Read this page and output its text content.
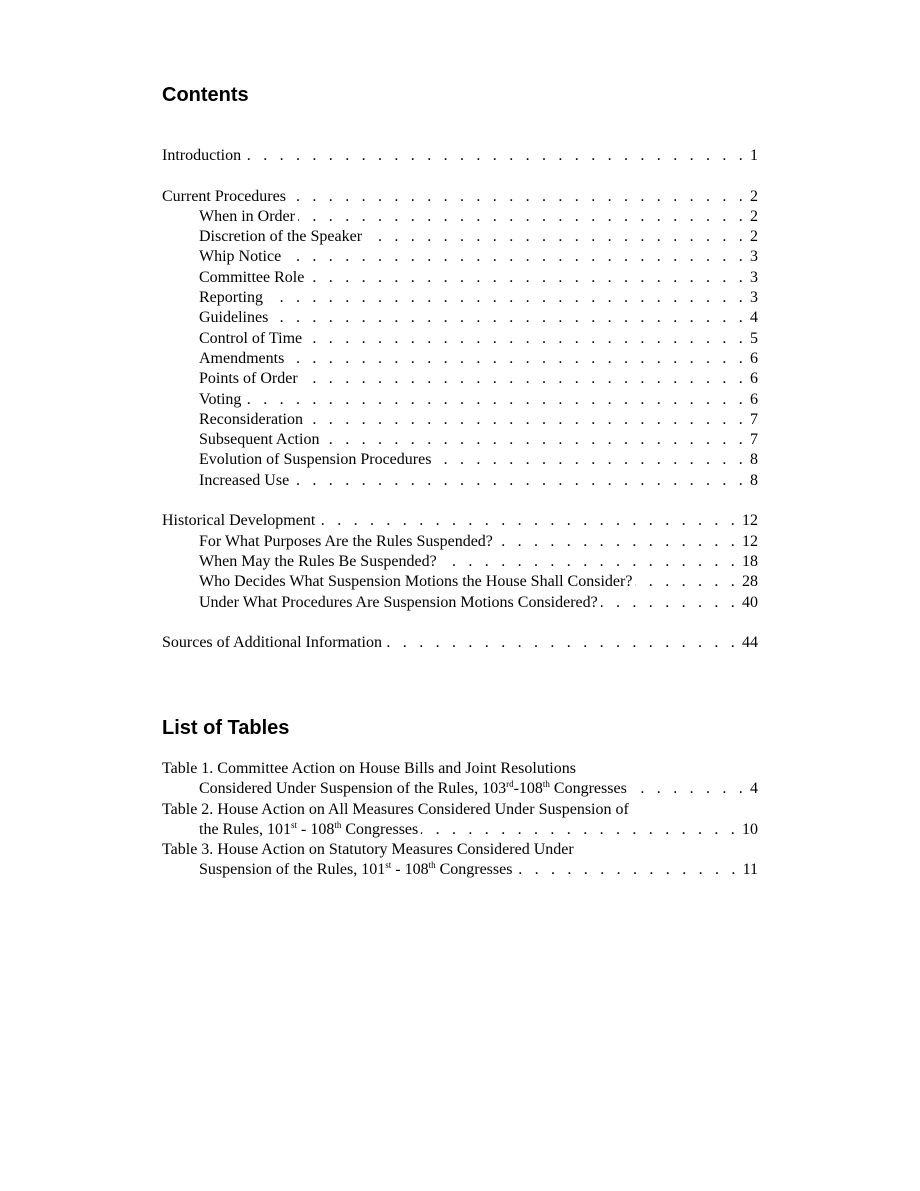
Contents
Introduction . . .	1
Current Procedures . . .	2
When in Order . . .	2
Discretion of the Speaker . . .	2
Whip Notice . . .	3
Committee Role . . .	3
Reporting . . .	3
Guidelines . . .	4
Control of Time . . .	5
Amendments . . .	6
Points of Order . . .	6
Voting . . .	6
Reconsideration . . .	7
Subsequent Action . . .	7
Evolution of Suspension Procedures . . .	8
Increased Use . . .	8
Historical Development . . .	12
For What Purposes Are the Rules Suspended? . . .	12
When May the Rules Be Suspended? . . .	18
Who Decides What Suspension Motions the House Shall Consider? . . .	28
Under What Procedures Are Suspension Motions Considered? . . .	40
Sources of Additional Information . . .	44
List of Tables
Table 1. Committee Action on House Bills and Joint Resolutions
Considered Under Suspension of the Rules, 103rd-108th Congresses . . .	4
Table 2. House Action on All Measures Considered Under Suspension of
the Rules, 101st - 108th Congresses . . .	10
Table 3. House Action on Statutory Measures Considered Under
Suspension of the Rules, 101st - 108th Congresses . . .	11
